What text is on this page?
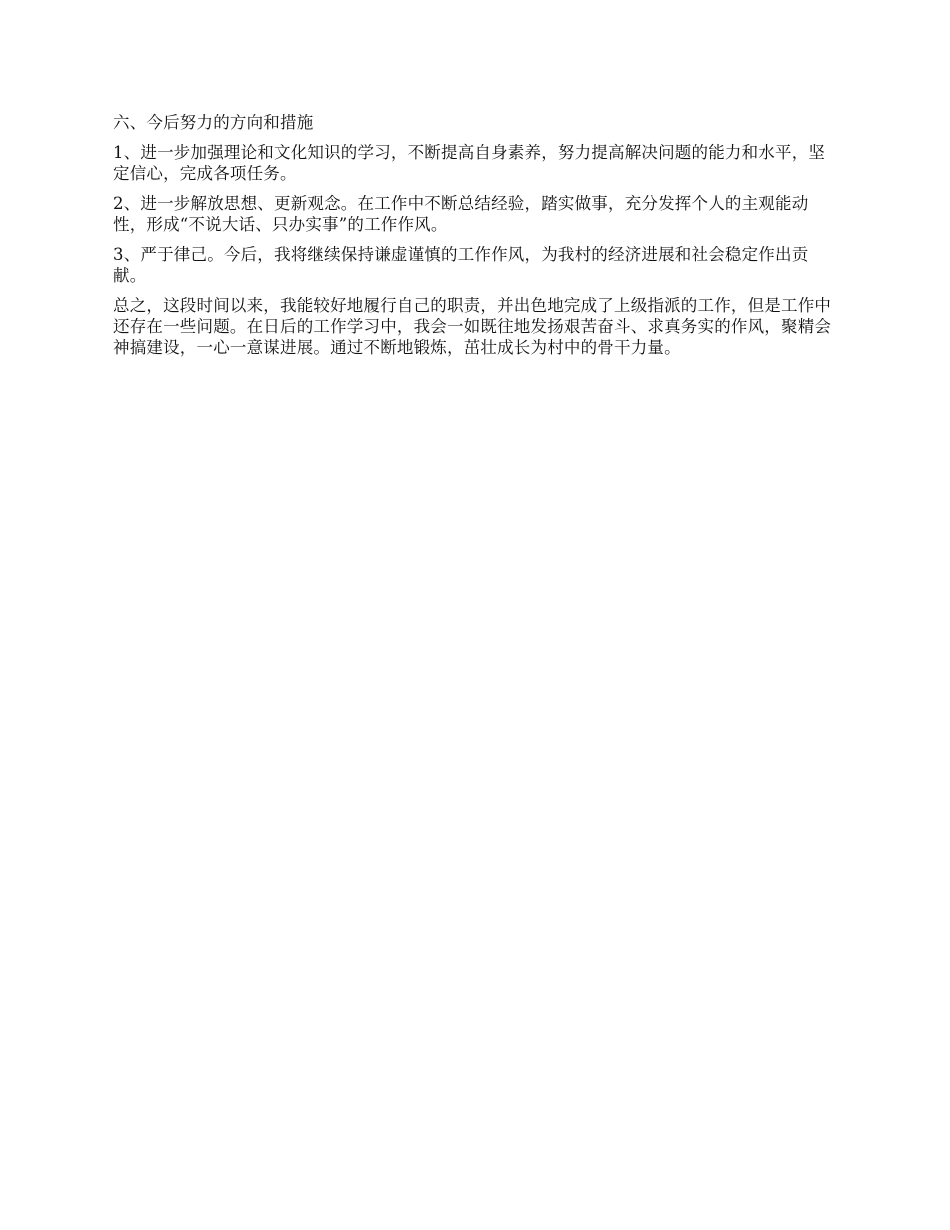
六、今后努力的方向和措施

1、进一步加强理论和文化知识的学习，不断提高自身素养，努力提高解决问题的能力和水平，坚定信心，完成各项任务。

2、进一步解放思想、更新观念。在工作中不断总结经验，踏实做事，充分发挥个人的主观能动性，形成“不说大话、只办实事”的工作作风。

3、严于律己。今后，我将继续保持谦虚谨慎的工作作风，为我村的经济进展和社会稳定作出贡献。

总之，这段时间以来，我能较好地履行自己的职责，并出色地完成了上级指派的工作，但是工作中还存在一些问题。在日后的工作学习中，我会一如既往地发扬艰苦奋斗、求真务实的作风，聚精会神搞建设，一心一意谋进展。通过不断地锻炼，茁壮成长为村中的骨干力量。
